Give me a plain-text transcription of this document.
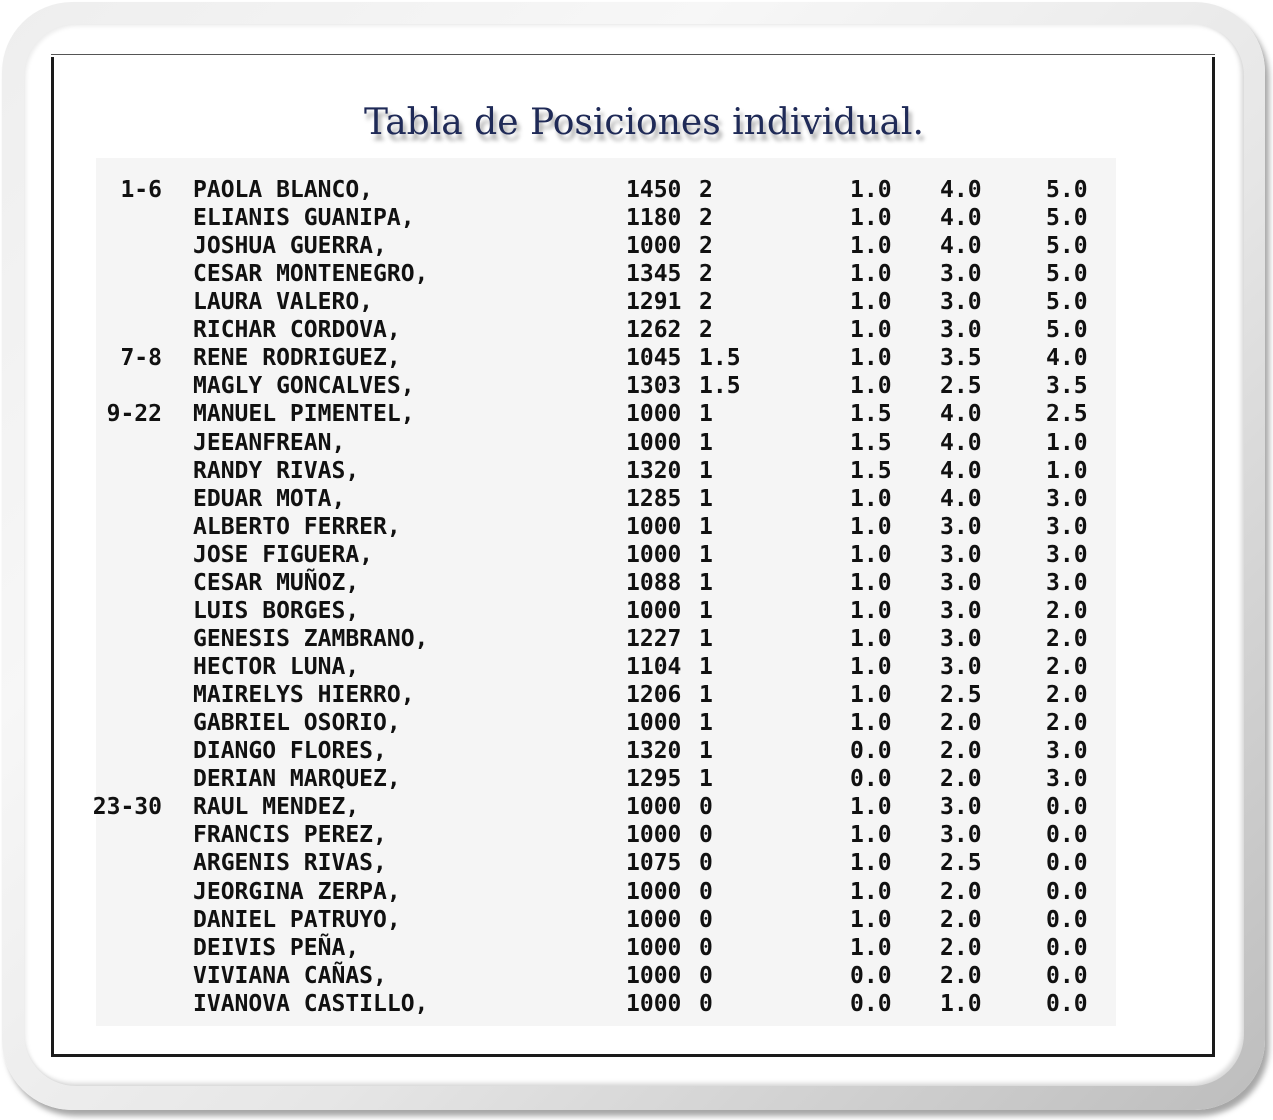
Tabla de Posiciones individual.
1-6 PAOLA BLANCO,	1450 2	1.0 4.0	5.0
ELIANIS GUANIPA,	1180 2	1.0 4.0	5.0
JOSHUA GUERRA,	1000 2	1.0 4.0	5.0
CESAR MONTENEGRO,	1345 2	1.0 3.0	5.0
LAURA VALERO,	1291 2	1.0 3.0	5.0
RICHAR CORDOVA,	1262 2	1.0 3.0	5.0
7-8 RENE RODRIGUEZ,	1045 1.5	1.0 3.5	4.0
MAGLY GONCALVES,	1303 1.5	1.0 2.5	3.5
9-22 MANUEL PIMENTEL,	1000 1	1.5 4.0	2.5
JEEANFREAN,	1000 1	1.5 4.0	1.0
RANDY RIVAS,	1320 1	1.5 4.0	1.0
EDUAR MOTA,	1285 1	1.0 4.0	3.0
ALBERTO FERRER,	1000 1	1.0 3.0	3.0
JOSE FIGUERA,	1000 1	1.0 3.0	3.0
CESAR MUÑOZ,	1088 1	1.0 3.0	3.0
LUIS BORGES,	1000 1	1.0 3.0	2.0
GENESIS ZAMBRANO,	1227 1	1.0 3.0	2.0
HECTOR LUNA,	1104 1	1.0 3.0	2.0
MAIRELYS HIERRO,	1206 1	1.0 2.5	2.0
GABRIEL OSORIO,	1000 1	1.0 2.0	2.0
DIANGO FLORES,	1320 1	0.0 2.0	3.0
DERIAN MARQUEZ,	1295 1	0.0 2.0	3.0
23-30 RAUL MENDEZ,	1000 0	1.0 3.0	0.0
FRANCIS PEREZ,	1000 0	1.0 3.0	0.0
ARGENIS RIVAS,	1075 0	1.0 2.5	0.0
JEORGINA ZERPA,	1000 0	1.0 2.0	0.0
DANIEL PATRUYO,	1000 0	1.0 2.0	0.0
DEIVIS PEÑA,	1000 0	1.0 2.0	0.0
VIVIANA CAÑAS,	1000 0	0.0 2.0	0.0
IVANOVA CASTILLO,	1000 0	0.0 1.0	0.0
